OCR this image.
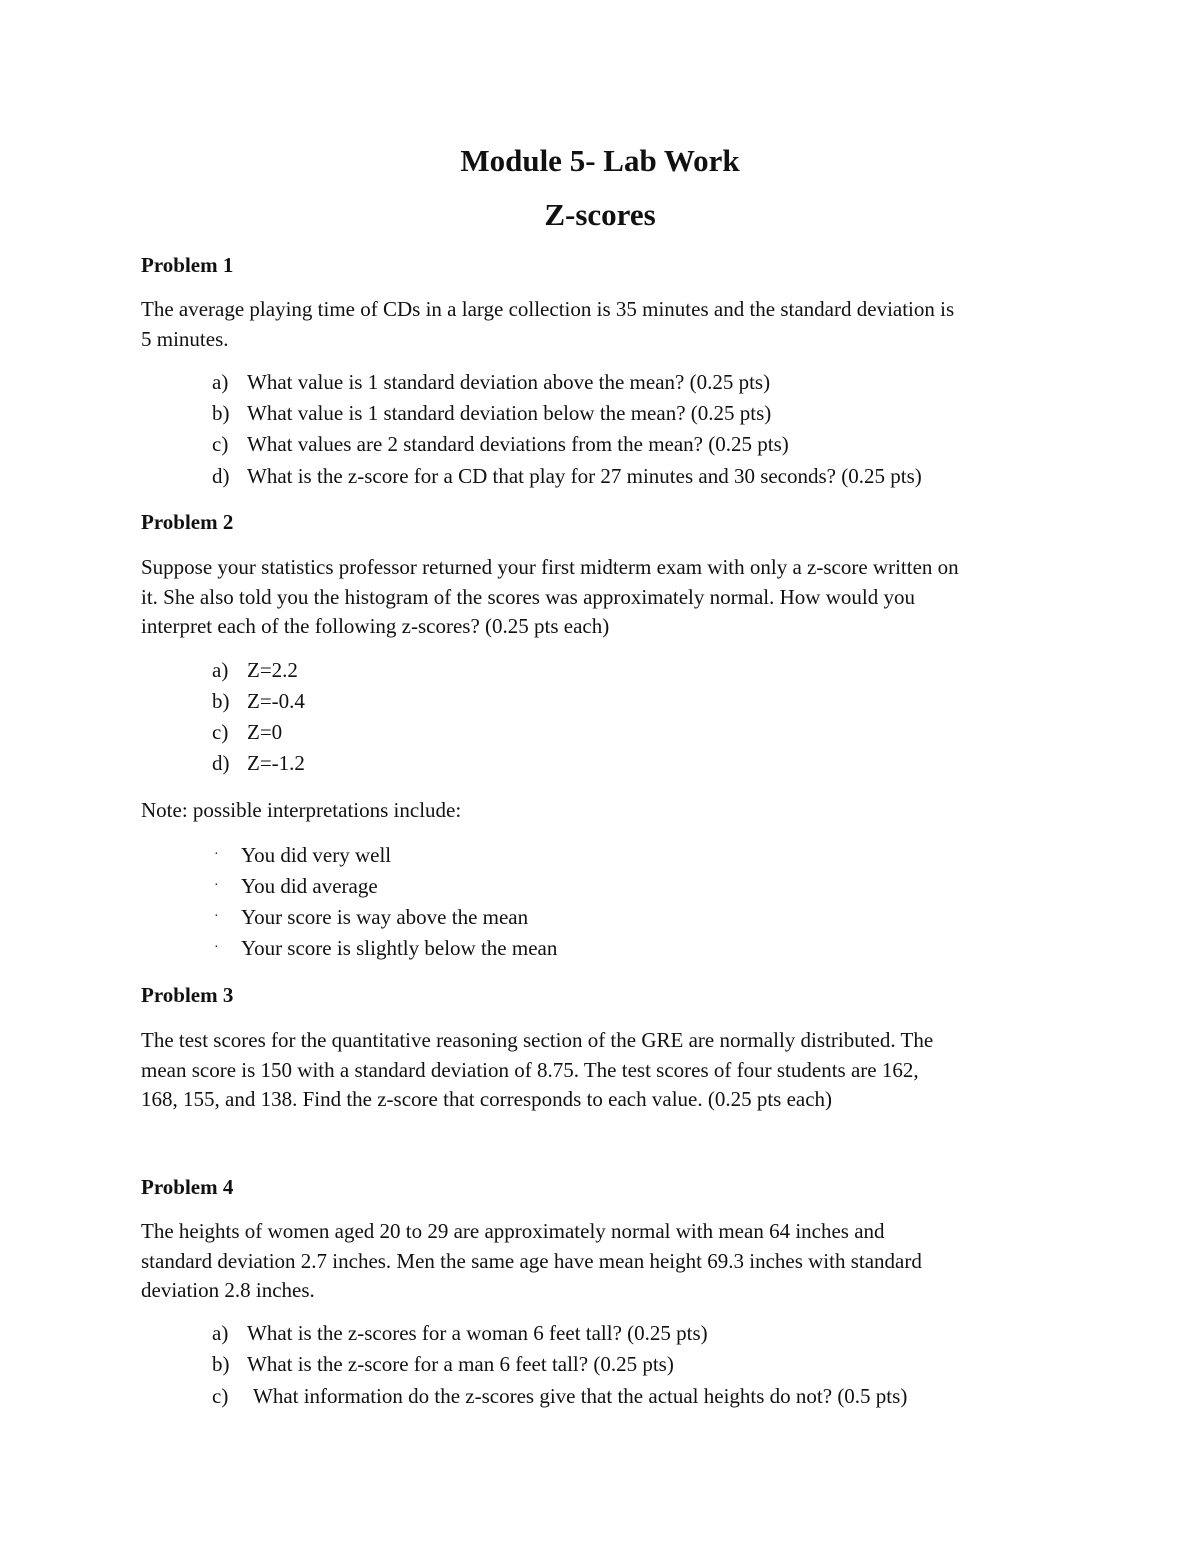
Module 5- Lab Work
Z-scores
Problem 1
The average playing time of CDs in a large collection is 35 minutes and the standard deviation is
5 minutes.
a) What value is 1 standard deviation above the mean? (0.25 pts)
b) What value is 1 standard deviation below the mean? (0.25 pts)
c) What values are 2 standard deviations from the mean? (0.25 pts)
d) What is the z-score for a CD that play for 27 minutes and 30 seconds? (0.25 pts)
Problem 2
Suppose your statistics professor returned your first midterm exam with only a z-score written on
it. She also told you the histogram of the scores was approximately normal. How would you
interpret each of the following z-scores? (0.25 pts each)
a) Z=2.2
b) Z=-0.4
c) Z=0
d) Z=-1.2
Note: possible interpretations include:
· You did very well
· You did average
· Your score is way above the mean
· Your score is slightly below the mean
Problem 3
The test scores for the quantitative reasoning section of the GRE are normally distributed. The
mean score is 150 with a standard deviation of 8.75. The test scores of four students are 162,
168, 155, and 138. Find the z-score that corresponds to each value. (0.25 pts each)
Problem 4
The heights of women aged 20 to 29 are approximately normal with mean 64 inches and
standard deviation 2.7 inches. Men the same age have mean height 69.3 inches with standard
deviation 2.8 inches.
a) What is the z-scores for a woman 6 feet tall? (0.25 pts)
b) What is the z-score for a man 6 feet tall? (0.25 pts)
c) What information do the z-scores give that the actual heights do not? (0.5 pts)
